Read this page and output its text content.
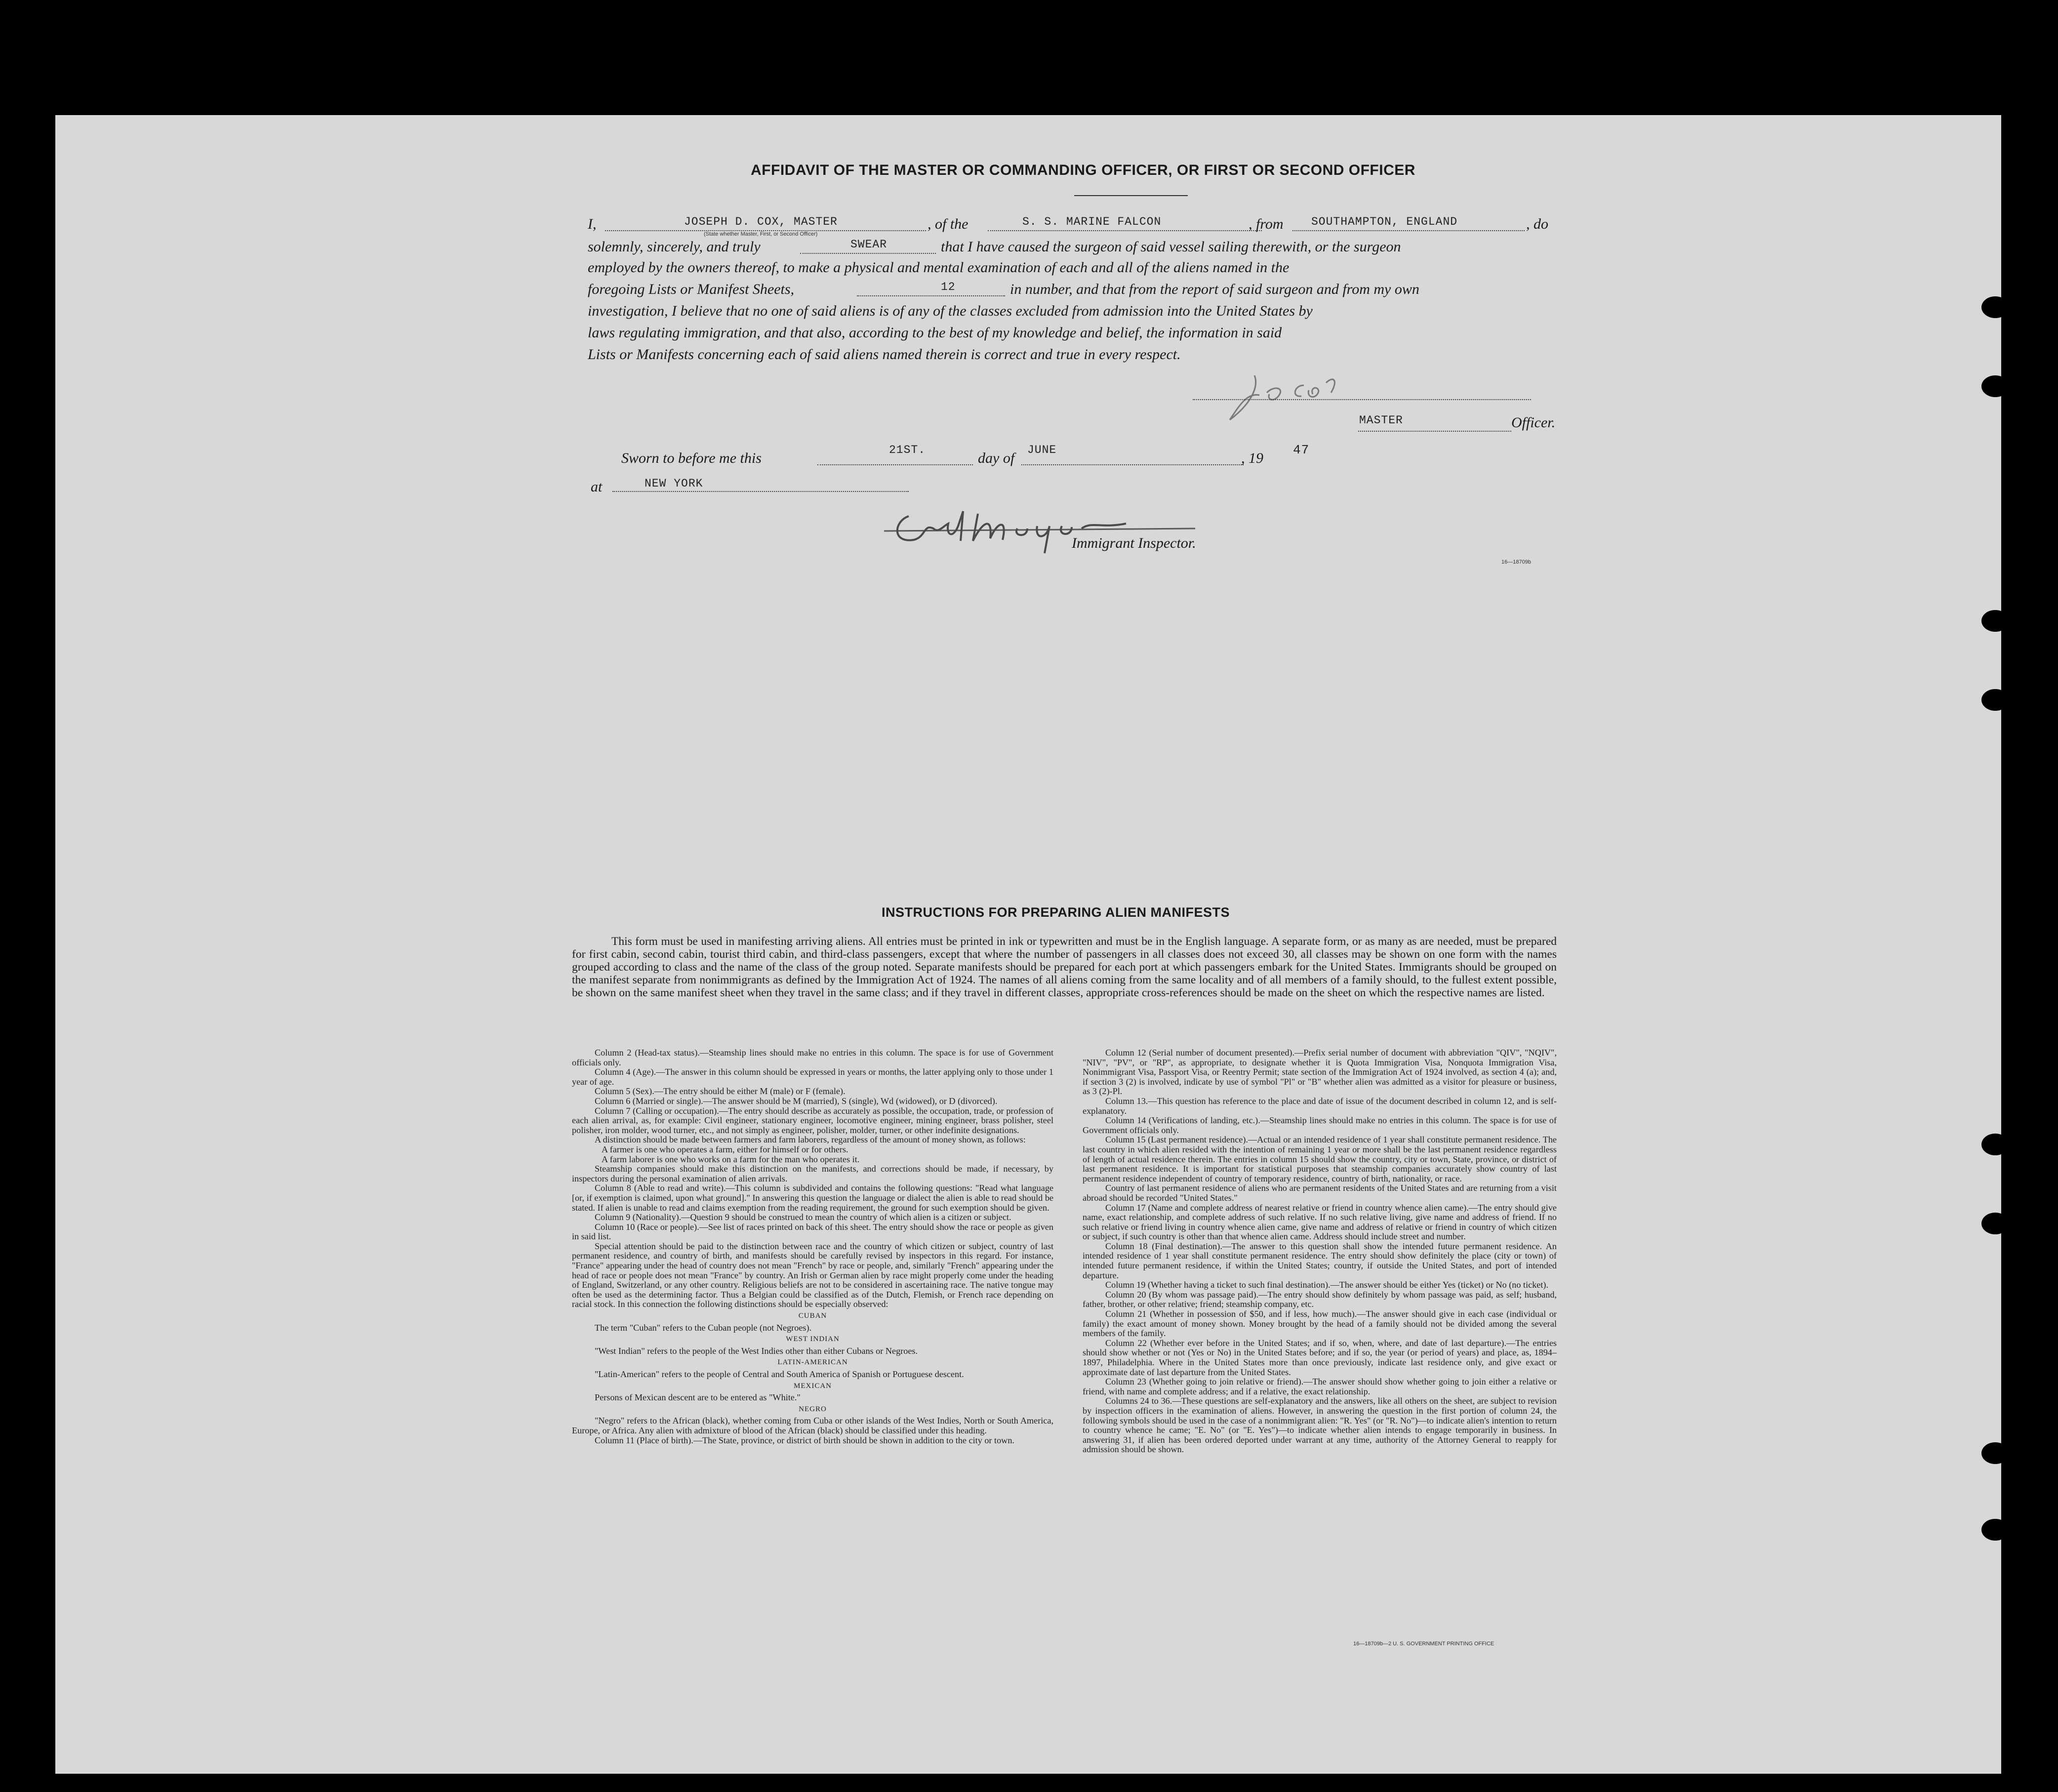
AFFIDAVIT OF THE MASTER OR COMMANDING OFFICER, OR FIRST OR SECOND OFFICER
I,	JOSEPH D. COX, MASTER	, of the	S. S. MARINE FALCON	, from SOUTHAMPTON, ENGLAND	, do
(State whether Master, First, or Second Officer)
solemnly, sincerely, and truly	SWEAR	that I have caused the surgeon of said vessel sailing therewith, or the surgeon
employed by the owners thereof, to make a physical and mental examination of each and all of the aliens named in the
foregoing Lists or Manifest Sheets,	12	in number, and that from the report of said surgeon and from my own
investigation, I believe that no one of said aliens is of any of the classes excluded from admission into the United States by
laws regulating immigration, and that also, according to the best of my knowledge and belief, the information in said
Lists or Manifests concerning each of said aliens named therein is correct and true in every respect.
MASTER	Officer.
Sworn to before me this	21ST.	day of JUNE	, 19 47
at	NEW YORK
Immigrant Inspector.
16—18709b
INSTRUCTIONS FOR PREPARING ALIEN MANIFESTS
This form must be used in manifesting arriving aliens. All entries must be printed in ink or typewritten and must be in the English language. A separate form, or as many as are needed, must be prepared for first cabin, second cabin, tourist third cabin, and third-class passengers, except that where the number of passengers in all classes does not exceed 30, all classes may be shown on one form with the names grouped according to class and the name of the class of the group noted. Separate manifests should be prepared for each port at which passengers embark for the United States. Immigrants should be grouped on the manifest separate from nonimmigrants as defined by the Immigration Act of 1924. The names of all aliens coming from the same locality and of all members of a family should, to the fullest extent possible, be shown on the same manifest sheet when they travel in the same class; and if they travel in different classes, appropriate cross-references should be made on the sheet on which the respective names are listed.

Column 2 (Head-tax status).—Steamship lines should make no entries in this column. The space is for use of Government officials only.

Column 4 (Age).—The answer in this column should be expressed in years or months, the latter applying only to those under 1 year of age.

Column 5 (Sex).—The entry should be either M (male) or F (female).

Column 6 (Married or single).—The answer should be M (married), S (single), Wd (widowed), or D (divorced).

Column 7 (Calling or occupation).—The entry should describe as accurately as possible, the occupation, trade, or profession of each alien arrival, as, for example: Civil engineer, stationary engineer, locomotive engineer, mining engineer, brass polisher, steel polisher, iron molder, wood turner, etc., and not simply as engineer, polisher, molder, turner, or other indefinite designations.

A distinction should be made between farmers and farm laborers, regardless of the amount of money shown, as follows:

A farmer is one who operates a farm, either for himself or for others.

A farm laborer is one who works on a farm for the man who operates it.

Steamship companies should make this distinction on the manifests, and corrections should be made, if necessary, by inspectors during the personal examination of alien arrivals.

Column 8 (Able to read and write).—This column is subdivided and contains the following questions: "Read what language [or, if exemption is claimed, upon what ground]." In answering this question the language or dialect the alien is able to read should be stated. If alien is unable to read and claims exemption from the reading requirement, the ground for such exemption should be given.

Column 9 (Nationality).—Question 9 should be construed to mean the country of which alien is a citizen or subject.

Column 10 (Race or people).—See list of races printed on back of this sheet. The entry should show the race or people as given in said list.

Special attention should be paid to the distinction between race and the country of which citizen or subject, country of last permanent residence, and country of birth, and manifests should be carefully revised by inspectors in this regard. For instance, "France" appearing under the head of country does not mean "French" by race or people, and, similarly "French" appearing under the head of race or people does not mean "France" by country. An Irish or German alien by race might properly come under the heading of England, Switzerland, or any other country. Religious beliefs are not to be considered in ascertaining race. The native tongue may often be used as the determining factor. Thus a Belgian could be classified as of the Dutch, Flemish, or French race depending on racial stock. In this connection the following distinctions should be especially observed:

CUBAN

The term "Cuban" refers to the Cuban people (not Negroes).

WEST INDIAN

"West Indian" refers to the people of the West Indies other than either Cubans or Negroes.

LATIN-AMERICAN

"Latin-American" refers to the people of Central and South America of Spanish or Portuguese descent.

MEXICAN

Persons of Mexican descent are to be entered as "White."

NEGRO

"Negro" refers to the African (black), whether coming from Cuba or other islands of the West Indies, North or South America, Europe, or Africa. Any alien with admixture of blood of the African (black) should be classified under this heading.

Column 11 (Place of birth).—The State, province, or district of birth should be shown in addition to the city or town.

Column 12 (Serial number of document presented).—Prefix serial number of document with abbreviation "QIV", "NQIV", "NIV", "PV", or "RP", as appropriate, to designate whether it is Quota Immigration Visa, Nonquota Immigration Visa, Nonimmigrant Visa, Passport Visa, or Reentry Permit; state section of the Immigration Act of 1924 involved, as section 4 (a); and, if section 3 (2) is involved, indicate by use of symbol "Pl" or "B" whether alien was admitted as a visitor for pleasure or business, as 3 (2)-Pl.

Column 13.—This question has reference to the place and date of issue of the document described in column 12, and is self-explanatory.

Column 14 (Verifications of landing, etc.).—Steamship lines should make no entries in this column. The space is for use of Government officials only.

Column 15 (Last permanent residence).—Actual or an intended residence of 1 year shall constitute permanent residence. The last country in which alien resided with the intention of remaining 1 year or more shall be the last permanent residence regardless of length of actual residence therein. The entries in column 15 should show the country, city or town, State, province, or district of last permanent residence. It is important for statistical purposes that steamship companies accurately show country of last permanent residence independent of country of temporary residence, country of birth, nationality, or race.

Country of last permanent residence of aliens who are permanent residents of the United States and are returning from a visit abroad should be recorded "United States."

Column 17 (Name and complete address of nearest relative or friend in country whence alien came).—The entry should give name, exact relationship, and complete address of such relative. If no such relative living, give name and address of friend. If no such relative or friend living in country whence alien came, give name and address of relative or friend in country of which citizen or subject, if such country is other than that whence alien came. Address should include street and number.

Column 18 (Final destination).—The answer to this question shall show the intended future permanent residence. An intended residence of 1 year shall constitute permanent residence. The entry should show definitely the place (city or town) of intended future permanent residence, if within the United States; country, if outside the United States, and port of intended departure.

Column 19 (Whether having a ticket to such final destination).—The answer should be either Yes (ticket) or No (no ticket).

Column 20 (By whom was passage paid).—The entry should show definitely by whom passage was paid, as self; husband, father, brother, or other relative; friend; steamship company, etc.

Column 21 (Whether in possession of $50, and if less, how much).—The answer should give in each case (individual or family) the exact amount of money shown. Money brought by the head of a family should not be divided among the several members of the family.

Column 22 (Whether ever before in the United States; and if so, when, where, and date of last departure).—The entries should show whether or not (Yes or No) in the United States before; and if so, the year (or period of years) and place, as, 1894–1897, Philadelphia. Where in the United States more than once previously, indicate last residence only, and give exact or approximate date of last departure from the United States.

Column 23 (Whether going to join relative or friend).—The answer should show whether going to join either a relative or friend, with name and complete address; and if a relative, the exact relationship.

Columns 24 to 36.—These questions are self-explanatory and the answers, like all others on the sheet, are subject to revision by inspection officers in the examination of aliens. However, in answering the question in the first portion of column 24, the following symbols should be used in the case of a nonimmigrant alien: "R. Yes" (or "R. No")—to indicate alien's intention to return to country whence he came; "E. No" (or "E. Yes")—to indicate whether alien intends to engage temporarily in business. In answering 31, if alien has been ordered deported under warrant at any time, authority of the Attorney General to reapply for admission should be shown.

16—18709b—2 U. S. GOVERNMENT PRINTING OFFICE
